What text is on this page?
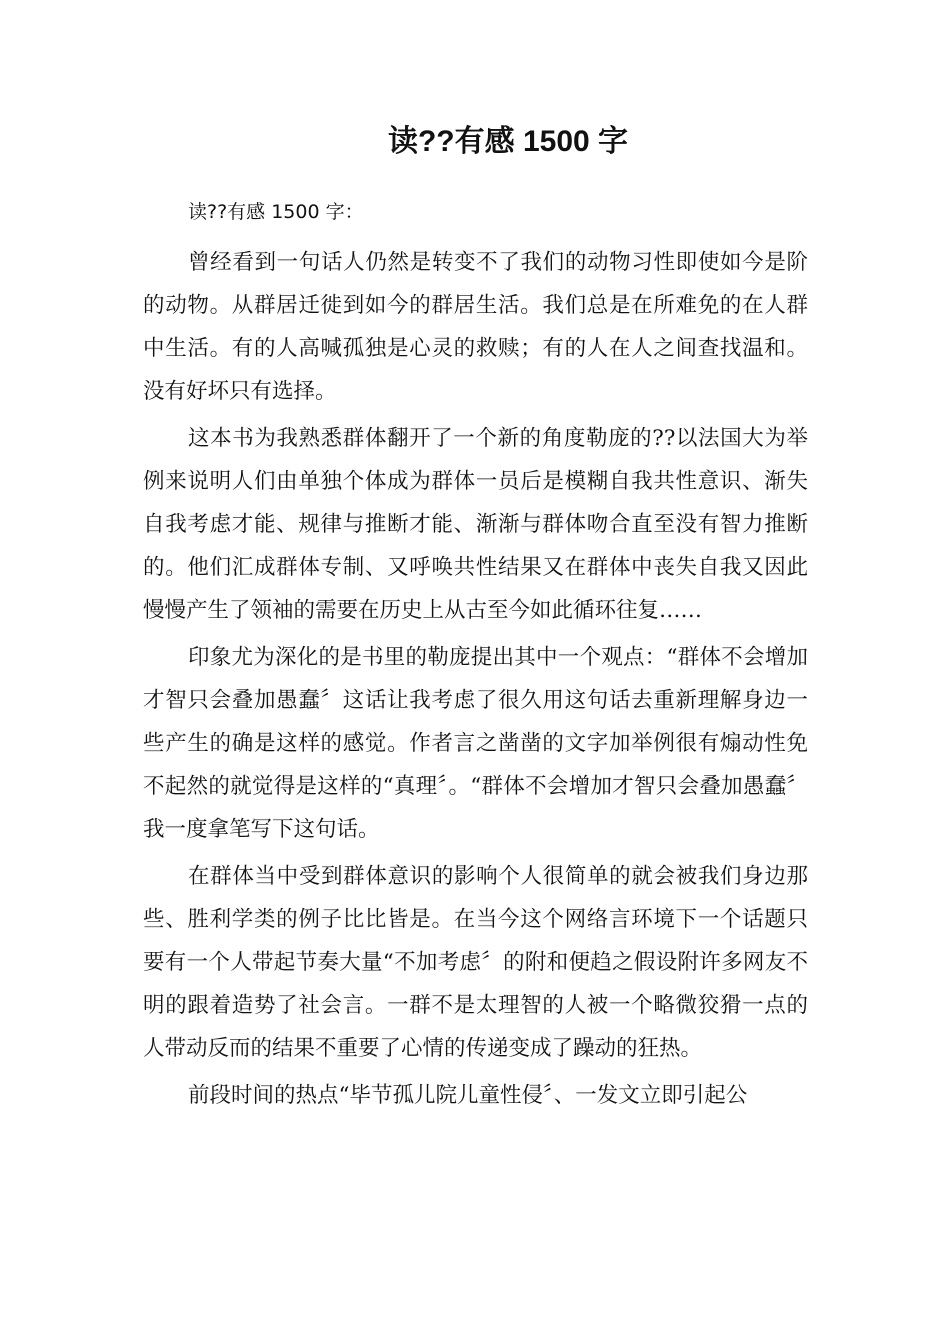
读??有感 1500 字

读??有感 1500 字：

曾经看到一句话人仍然是转变不了我们的动物习性即使如今是阶的动物。从群居迁徙到如今的群居生活。我们总是在所难免的在人群中生活。有的人高喊孤独是心灵的救赎；有的人在人之间查找温和。没有好坏只有选择。

这本书为我熟悉群体翻开了一个新的角度勒庞的??以法国大为举例来说明人们由单独个体成为群体一员后是模糊自我共性意识、渐失自我考虑才能、规律与推断才能、渐渐与群体吻合直至没有智力推断的。他们汇成群体专制、又呼唤共性结果又在群体中丧失自我又因此慢慢产生了领袖的需要在历史上从古至今如此循环往复……

印象尤为深化的是书里的勒庞提出其中一个观点：“群体不会增加才智只会叠加愚蠢〞这话让我考虑了很久用这句话去重新理解身边一些产生的确是这样的感觉。作者言之凿凿的文字加举例很有煽动性免不起然的就觉得是这样的“真理〞。“群体不会增加才智只会叠加愚蠢〞我一度拿笔写下这句话。

在群体当中受到群体意识的影响个人很简单的就会被我们身边那些、胜利学类的例子比比皆是。在当今这个网络言环境下一个话题只要有一个人带起节奏大量“不加考虑〞的附和便趋之假设附许多网友不明的跟着造势了社会言。一群不是太理智的人被一个略微狡猾一点的人带动反而的结果不重要了心情的传递变成了躁动的狂热。

前段时间的热点“毕节孤儿院儿童性侵〞、一发文立即引起公
